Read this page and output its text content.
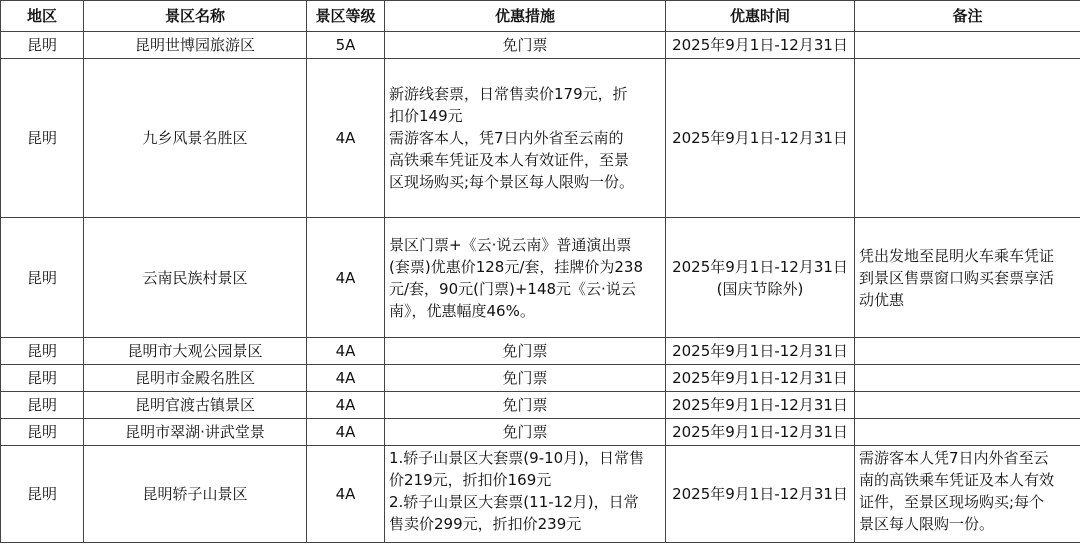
地区	景区名称	景区等级	优惠措施	优惠时间	备注
昆明	昆明世博园旅游区	5A	免门票	2025年9月1日-12月31日	

昆明	九乡风景名胜区	4A	新游线套票，日常售卖价179元，折
扣价149元
需游客本人，凭7日内外省至云南的
高铁乘车凭证及本人有效证件，至景
区现场购买;每个景区每人限购一份。	2025年9月1日-12月31日	

昆明	云南民族村景区	4A	景区门票+《云·说云南》普通演出票
(套票)优惠价128元/套，挂牌价为238
元/套，90元(门票)+148元《云·说云
南》，优惠幅度46%。	2025年9月1日-12月31日
(国庆节除外)	凭出发地至昆明火车乘车凭证
到景区售票窗口购买套票享活
动优惠

昆明	昆明市大观公园景区	4A	免门票	2025年9月1日-12月31日	

昆明	昆明市金殿名胜区	4A	免门票	2025年9月1日-12月31日	

昆明	昆明官渡古镇景区	4A	免门票	2025年9月1日-12月31日	

昆明	昆明市翠湖·讲武堂景	4A	免门票	2025年9月1日-12月31日	

昆明	昆明轿子山景区	4A	1.轿子山景区大套票(9-10月)，日常售
价219元，折扣价169元
2.轿子山景区大套票(11-12月)，日常
售卖价299元，折扣价239元	2025年9月1日-12月31日	需游客本人凭7日内外省至云
南的高铁乘车凭证及本人有效
证件，至景区现场购买;每个
景区每人限购一份。
